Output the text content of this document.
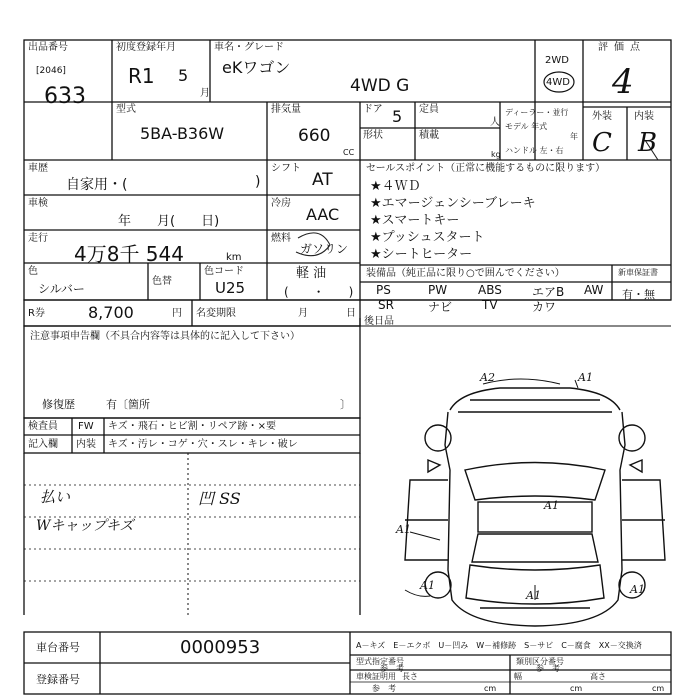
出品番号
[2046]
633
初度登録年月
R1 5
月
車名・グレード
eKワゴン
4WD G
2WD
4WD
評価点
4
型式
5BA-B36W
排気量
660
CC
ドア 5
形状
定員
人
積載
kg
ディーラー・並行
モデル 年式
年
ハンドル 左・右
外装 内装
C B
車歴
自家用・(	)
シフト
AT
車検
年　　月(　　日)
冷房
AAC
走行
4万8千 544	km
燃料
ガソリン
軽 油
(　　・　　)
色
シルバー
色替
色コード
U25
セールスポイント（正常に機能するものに限ります）
★４ＷＤ
★エマージェンシーブレーキ
★スマートキー
★プッシュスタート
★シートヒーター
装備品（純正品に限り○で囲んでください）
PS	PW	ABS	エアB AW
SR	ナビ TV	カワ
新車保証書
有・無
後日品
R券	8,700	円 名変期限	月	日
注意事項申告欄（不具合内容等は具体的に記入して下さい）
修復歴	有〔箇所	〕
検査員
記入欄
FW キズ・飛石・ヒビ割・リペア跡・×要
内装 キズ・汚レ・コゲ・穴・スレ・キレ・破レ
払い
Wキャップキズ
凹 SS
A2	A1
A1
A1
A1
A1	A1
車台番号	0000953
登録番号
A－キズ　E－エクボ　U－凹み　W－補修跡　S－サビ　C－腐食　XX－交換済
型式指定番号
参　考
類別区分番号
参　考
車検証明用
参　考
長さ
cm
幅
cm
高さ
cm
